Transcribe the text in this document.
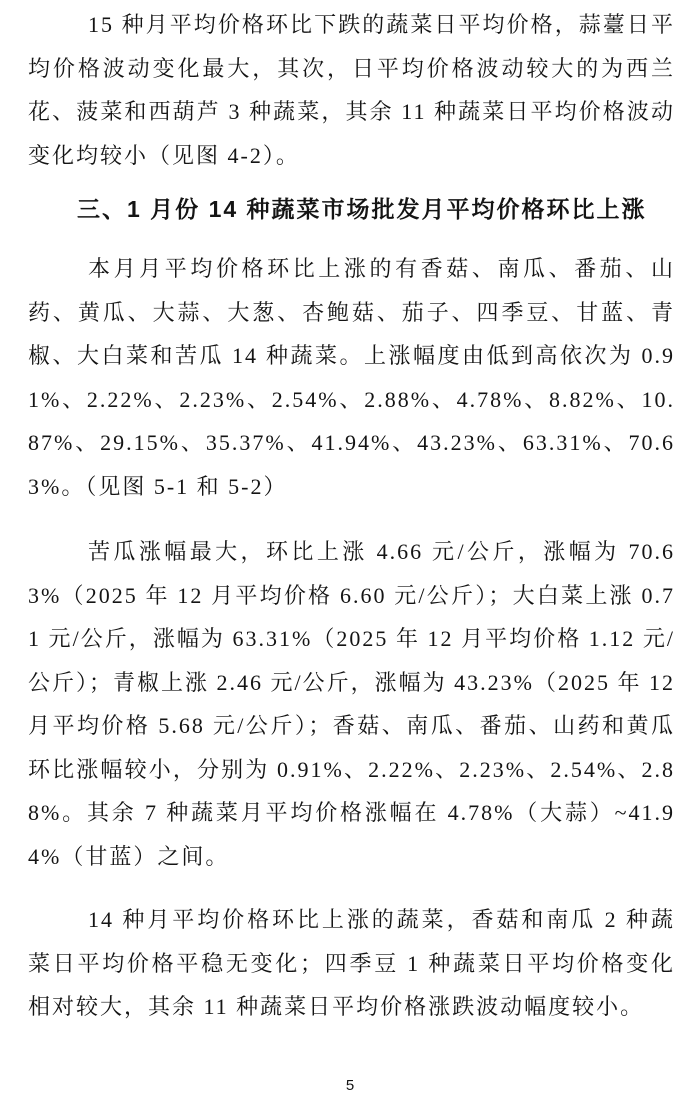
15 种月平均价格环比下跌的蔬菜日平均价格，蒜薹日平均价格波动变化最大，其次，日平均价格波动较大的为西兰花、菠菜和西葫芦 3 种蔬菜，其余 11 种蔬菜日平均价格波动变化均较小（见图 4-2）。

三、1 月份 14 种蔬菜市场批发月平均价格环比上涨

本月月平均价格环比上涨的有香菇、南瓜、番茄、山药、黄瓜、大蒜、大葱、杏鲍菇、茄子、四季豆、甘蓝、青椒、大白菜和苦瓜 14 种蔬菜。上涨幅度由低到高依次为 0.91%、2.22%、2.23%、2.54%、2.88%、4.78%、8.82%、10.87%、29.15%、35.37%、41.94%、43.23%、63.31%、70.63%。（见图 5-1 和 5-2）

苦瓜涨幅最大，环比上涨 4.66 元/公斤，涨幅为 70.63%（2025 年 12 月平均价格 6.60 元/公斤）；大白菜上涨 0.71 元/公斤，涨幅为 63.31%（2025 年 12 月平均价格 1.12 元/公斤）；青椒上涨 2.46 元/公斤，涨幅为 43.23%（2025 年 12 月平均价格 5.68 元/公斤）；香菇、南瓜、番茄、山药和黄瓜环比涨幅较小，分别为 0.91%、2.22%、2.23%、2.54%、2.88%。其余 7 种蔬菜月平均价格涨幅在 4.78%（大蒜）~41.94%（甘蓝）之间。

14 种月平均价格环比上涨的蔬菜，香菇和南瓜 2 种蔬菜日平均价格平稳无变化；四季豆 1 种蔬菜日平均价格变化相对较大，其余 11 种蔬菜日平均价格涨跌波动幅度较小。

5
